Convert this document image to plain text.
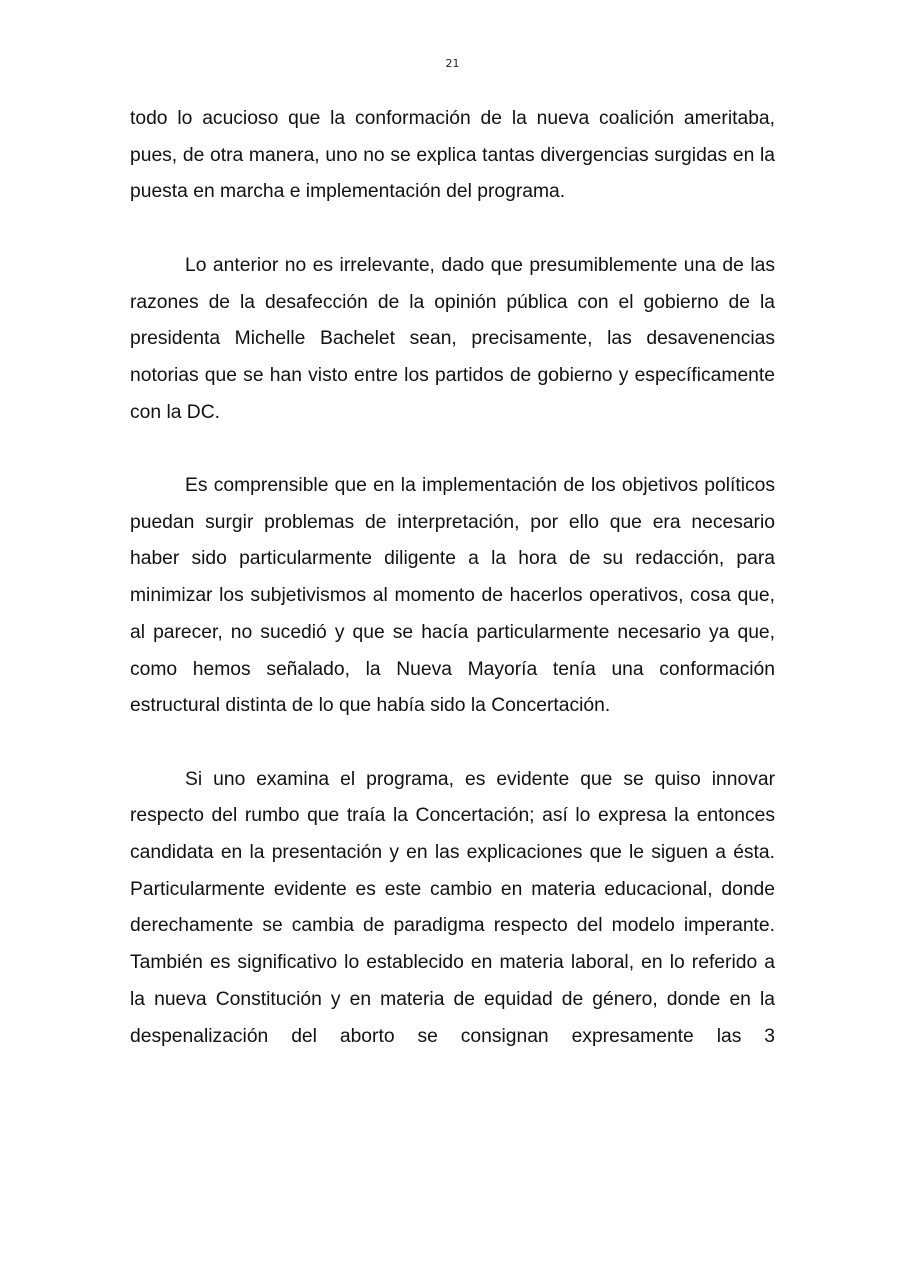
21

todo lo acucioso que la conformación de la nueva coalición ameritaba, pues, de otra manera, uno no se explica tantas divergencias surgidas en la puesta en marcha e implementación del programa.

Lo anterior no es irrelevante, dado que presumiblemente una de las razones de la desafección de la opinión pública con el gobierno de la presidenta Michelle Bachelet sean, precisamente, las desavenencias notorias que se han visto entre los partidos de gobierno y específicamente con la DC.

Es comprensible que en la implementación de los objetivos políticos puedan surgir problemas de interpretación, por ello que era necesario haber sido particularmente diligente a la hora de su redacción, para minimizar los subjetivismos al momento de hacerlos operativos, cosa que, al parecer, no sucedió y que se hacía particularmente necesario ya que, como hemos señalado, la Nueva Mayoría tenía una conformación estructural distinta de lo que había sido la Concertación.

Si uno examina el programa, es evidente que se quiso innovar respecto del rumbo que traía la Concertación; así lo expresa la entonces candidata en la presentación y en las explicaciones que le siguen a ésta. Particularmente evidente es este cambio en materia educacional, donde derechamente se cambia de paradigma respecto del modelo imperante. También es significativo lo establecido en materia laboral, en lo referido a la nueva Constitución y en materia de equidad de género, donde en la despenalización del aborto se consignan expresamente las 3
